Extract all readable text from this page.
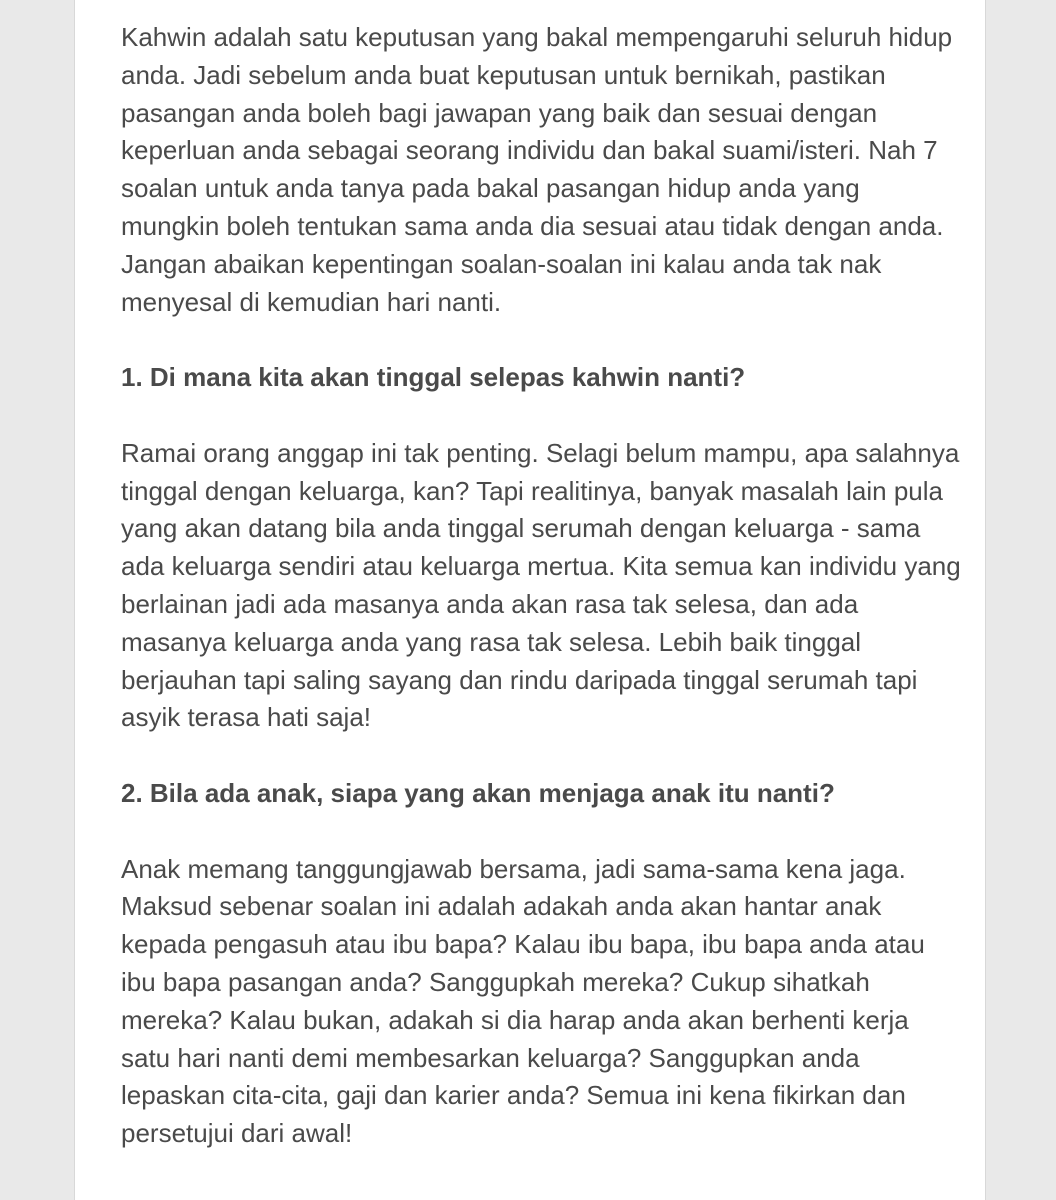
Kahwin adalah satu keputusan yang bakal mempengaruhi seluruh hidup anda. Jadi sebelum anda buat keputusan untuk bernikah, pastikan pasangan anda boleh bagi jawapan yang baik dan sesuai dengan keperluan anda sebagai seorang individu dan bakal suami/isteri. Nah 7 soalan untuk anda tanya pada bakal pasangan hidup anda yang mungkin boleh tentukan sama anda dia sesuai atau tidak dengan anda. Jangan abaikan kepentingan soalan-soalan ini kalau anda tak nak menyesal di kemudian hari nanti.

1. Di mana kita akan tinggal selepas kahwin nanti?

Ramai orang anggap ini tak penting. Selagi belum mampu, apa salahnya tinggal dengan keluarga, kan? Tapi realitinya, banyak masalah lain pula yang akan datang bila anda tinggal serumah dengan keluarga - sama ada keluarga sendiri atau keluarga mertua. Kita semua kan individu yang berlainan jadi ada masanya anda akan rasa tak selesa, dan ada masanya keluarga anda yang rasa tak selesa. Lebih baik tinggal berjauhan tapi saling sayang dan rindu daripada tinggal serumah tapi asyik terasa hati saja!

2. Bila ada anak, siapa yang akan menjaga anak itu nanti?

Anak memang tanggungjawab bersama, jadi sama-sama kena jaga. Maksud sebenar soalan ini adalah adakah anda akan hantar anak kepada pengasuh atau ibu bapa? Kalau ibu bapa, ibu bapa anda atau ibu bapa pasangan anda? Sanggupkah mereka? Cukup sihatkah mereka? Kalau bukan, adakah si dia harap anda akan berhenti kerja satu hari nanti demi membesarkan keluarga? Sanggupkan anda lepaskan cita-cita, gaji dan karier anda? Semua ini kena fikirkan dan persetujui dari awal!
